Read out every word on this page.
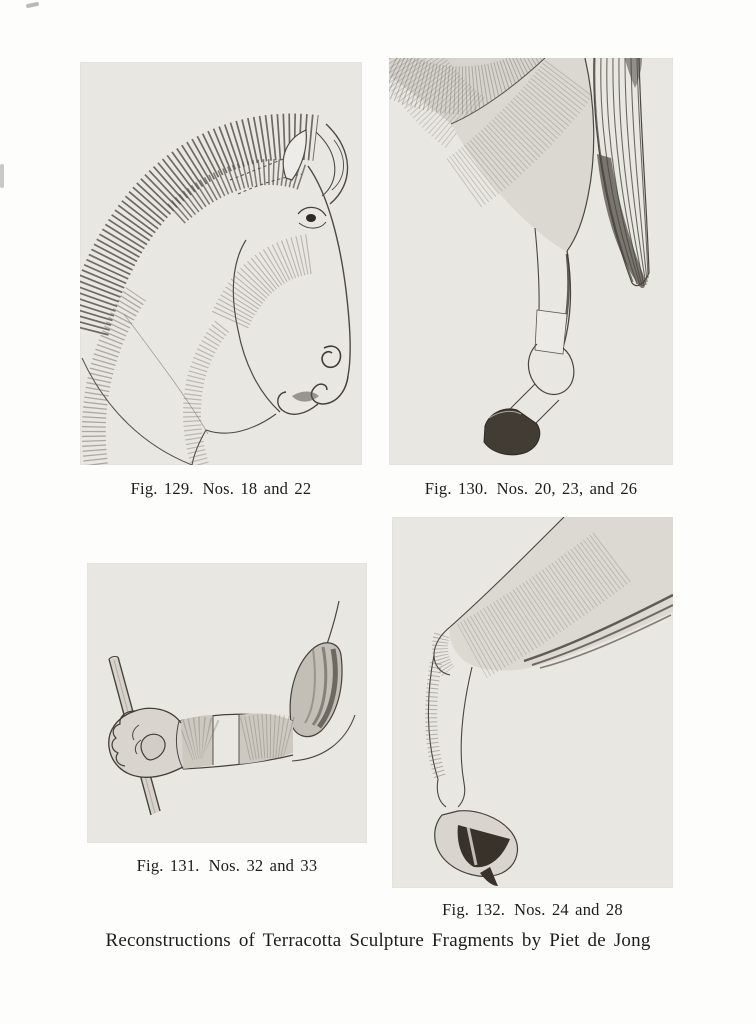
Fig. 129. Nos. 18 and 22	Fig. 130. Nos. 20, 23, and 26
Fig. 131. Nos. 32 and 33
Fig. 132. Nos. 24 and 28
Reconstructions of Terracotta Sculpture Fragments by Piet de Jong
